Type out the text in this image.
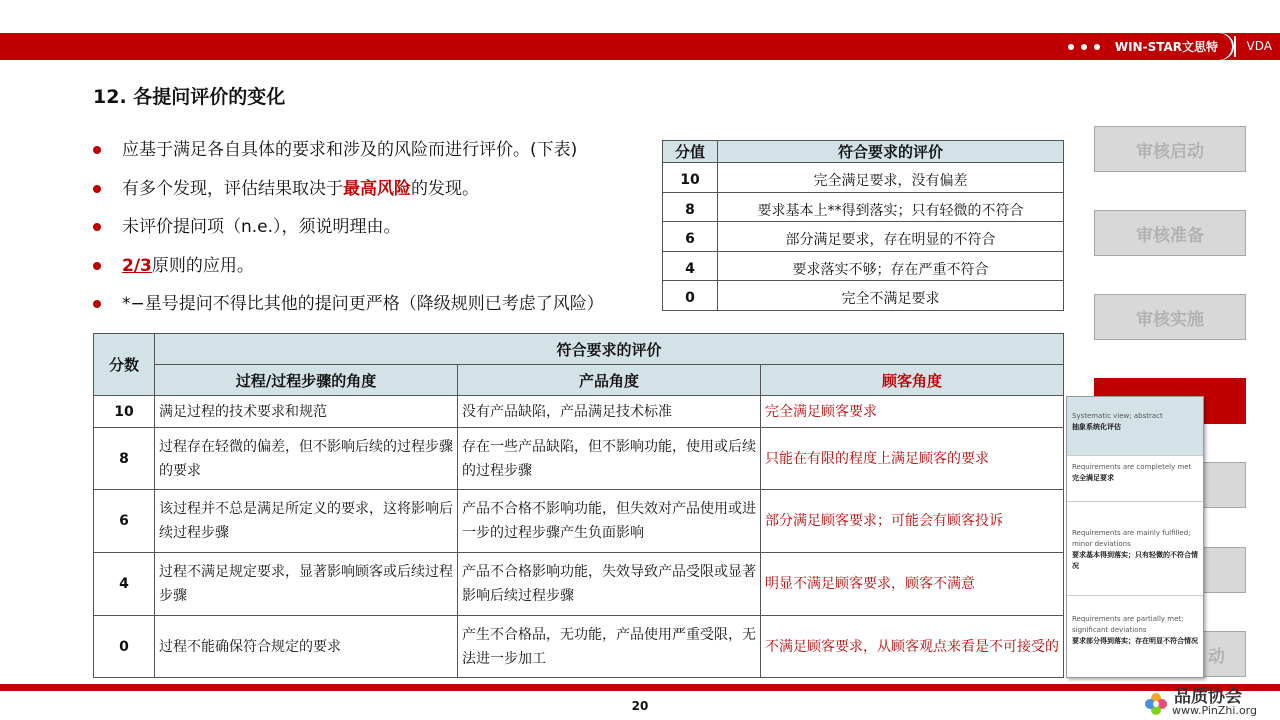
WIN-STAR文思特 VDA
12. 各提问评价的变化
应基于满足各自具体的要求和涉及的风险而进行评价。(下表)
有多个发现，评估结果取决于最高风险的发现。
未评价提问项（n.e.），须说明理由。
2/3原则的应用。
*−星号提问不得比其他的提问更严格（降级规则已考虑了风险）
分值	符合要求的评价
10	完全满足要求，没有偏差
8	要求基本上**得到落实；只有轻微的不符合
6	部分满足要求，存在明显的不符合
4	要求落实不够；存在严重不符合
0	完全不满足要求
分数	符合要求的评价		
	过程/过程步骤的角度	产品角度	顾客角度
10	满足过程的技术要求和规范	没有产品缺陷，产品满足技术标准	完全满足顾客要求
8	过程存在轻微的偏差，但不影响后续的过程步骤的要求	存在一些产品缺陷，但不影响功能，使用或后续的过程步骤	只能在有限的程度上满足顾客的要求
6	该过程并不总是满足所定义的要求，这将影响后续过程步骤	产品不合格不影响功能，但失效对产品使用或进一步的过程步骤产生负面影响	部分满足顾客要求；可能会有顾客投诉
4	过程不满足规定要求，显著影响顾客或后续过程步骤	产品不合格影响功能，失效导致产品受限或显著影响后续过程步骤	明显不满足顾客要求，顾客不满意
0	过程不能确保符合规定的要求	产生不合格品，无功能，产品使用严重受限，无法进一步加工	不满足顾客要求，从顾客观点来看是不可接受的
审核启动
审核准备
审核实施
动
Systematic view; abstract
抽象系统化评估
Requirements are completely met
完全满足要求
Requirements are mainly fulfilled; minor deviations
要求基本得到落实；只有轻微的不符合情况
Requirements are partially met; significant deviations
要求部分得到落实；存在明显不符合情况
20	品质协会
www.PinZhi.org
